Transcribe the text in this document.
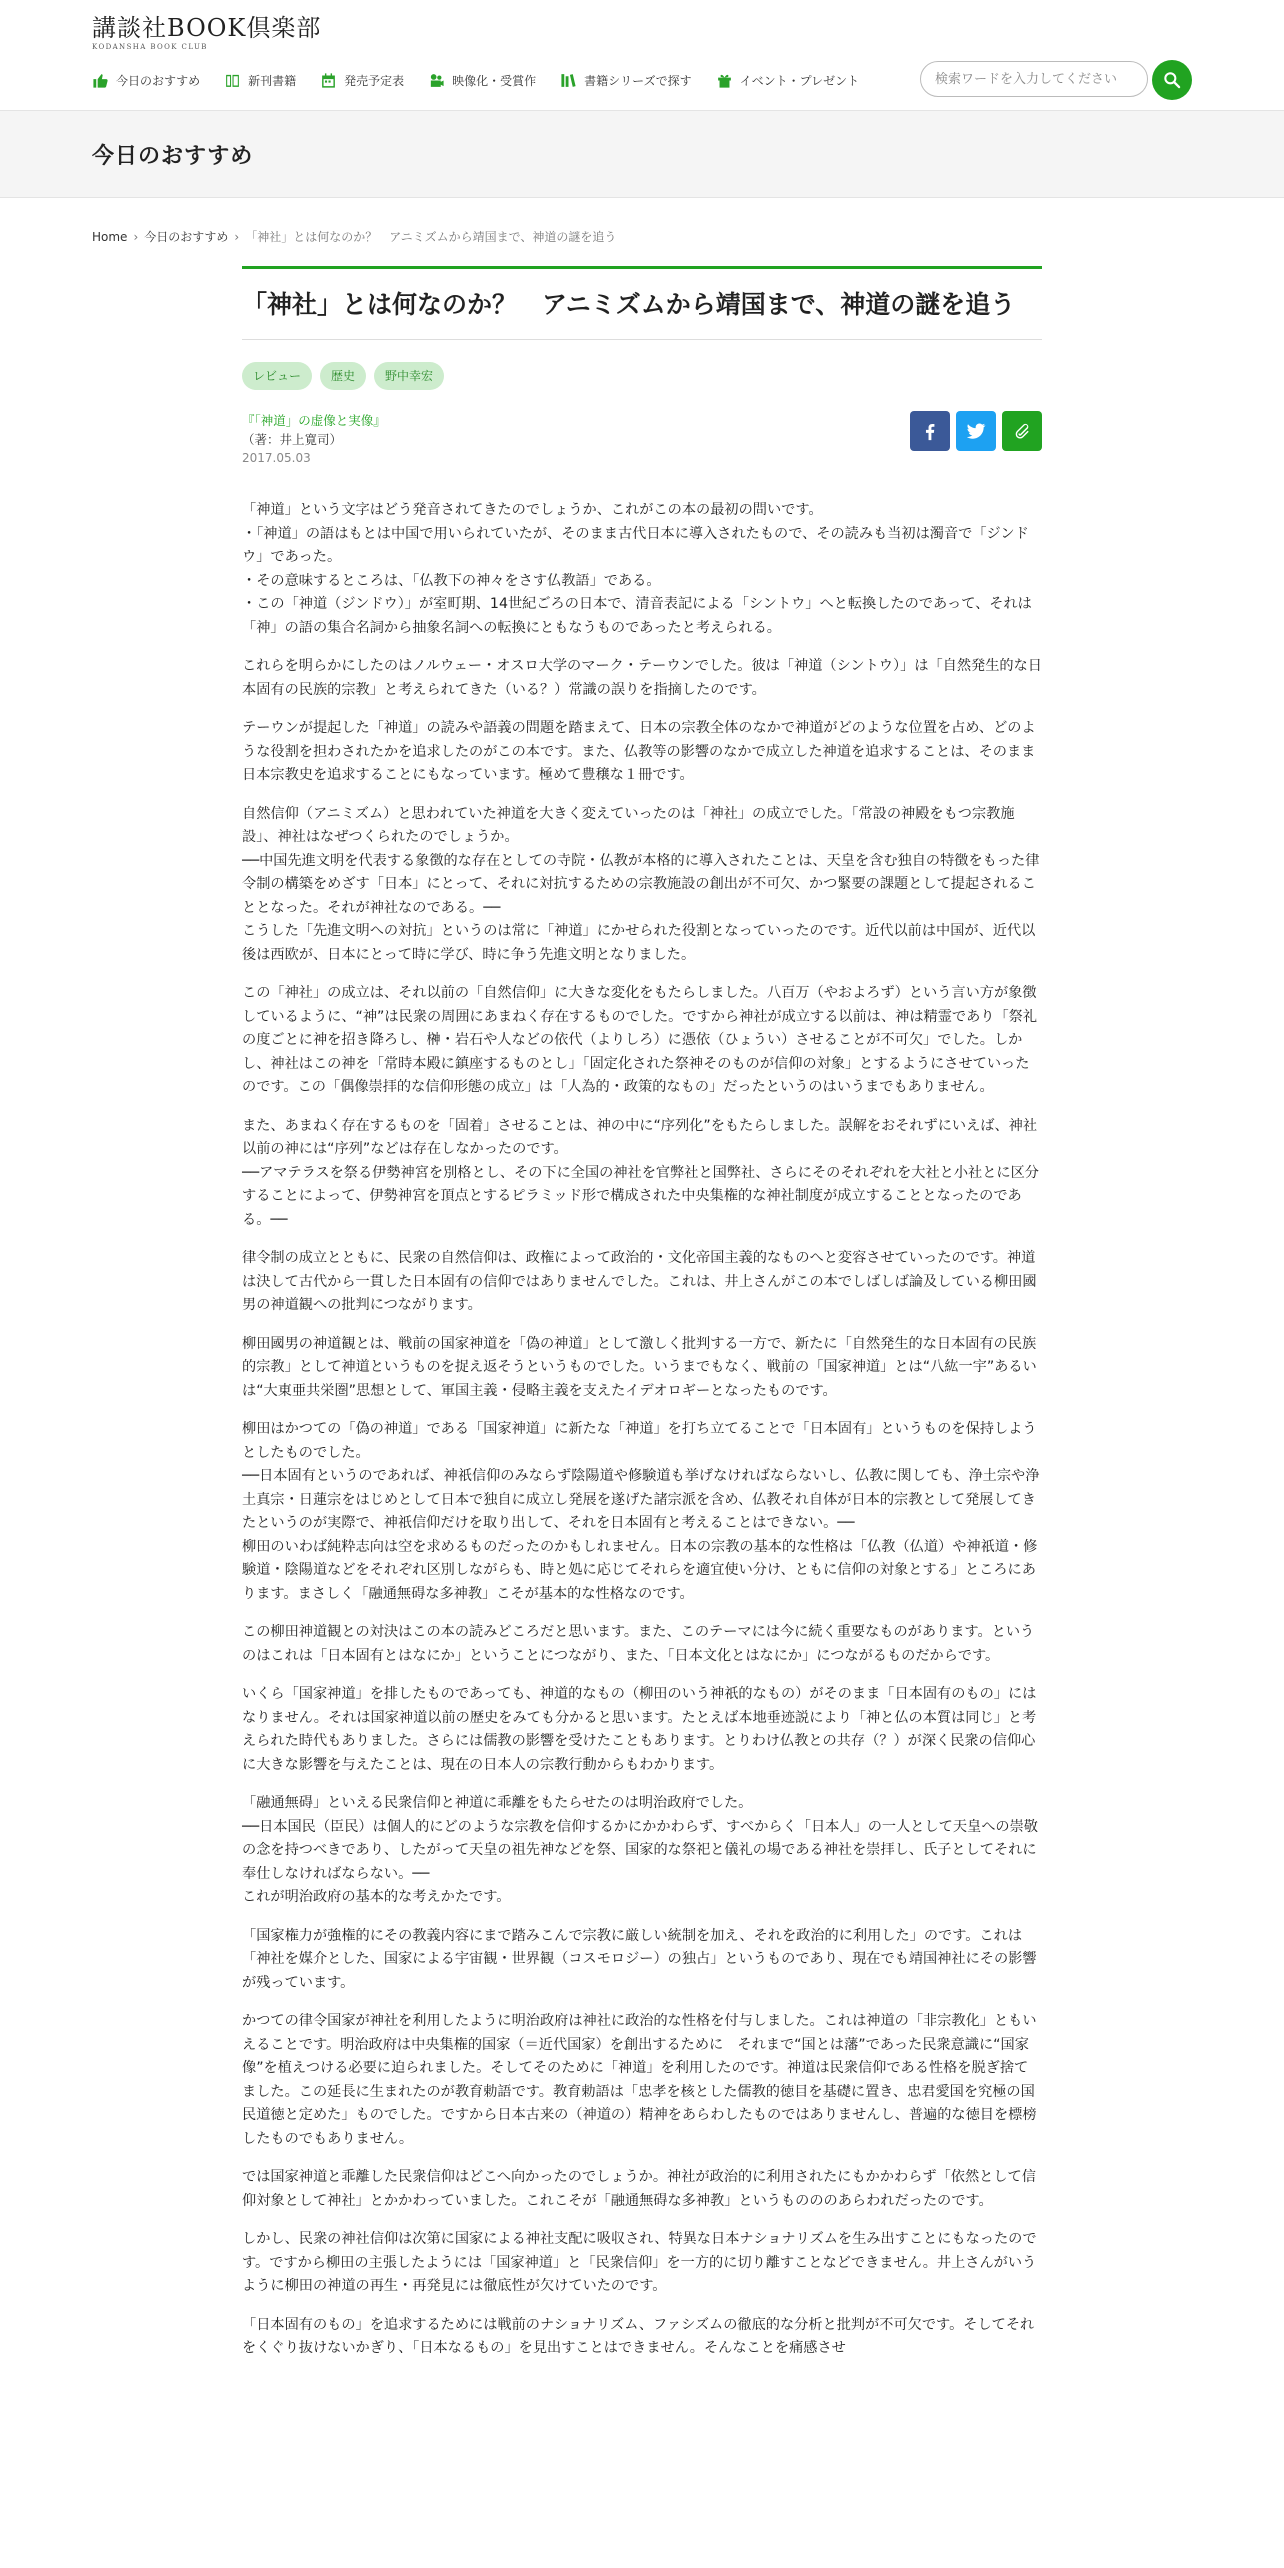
講談社BOOK倶楽部
KODANSHA BOOK CLUB
今日のおすすめ	新刊書籍	発売予定表	映像化・受賞作	書籍シリーズで探す	イベント・プレゼント
検索ワードを入力してください
今日のおすすめ
Home › 今日のおすすめ › 「神社」とは何なのか？　アニミズムから靖国まで、神道の謎を追う
「神社」とは何なのか？　アニミズムから靖国まで、神道の謎を追う
レビュー	歴史	野中幸宏
『「神道」の虚像と実像』
（著：井上寛司）
2017.05.03

「神道」という文字はどう発音されてきたのでしょうか、これがこの本の最初の問いです。
・「神道」の語はもとは中国で用いられていたが、そのまま古代日本に導入されたもので、その読みも当初は濁音で「ジンドウ」であった。
・その意味するところは、「仏教下の神々をさす仏教語」である。
・この「神道（ジンドウ）」が室町期、14世紀ごろの日本で、清音表記による「シントウ」へと転換したのであって、それは「神」の語の集合名詞から抽象名詞への転換にともなうものであったと考えられる。

これらを明らかにしたのはノルウェー・オスロ大学のマーク・テーウンでした。彼は「神道（シントウ）」は「自然発生的な日本固有の民族的宗教」と考えられてきた（いる？）常識の誤りを指摘したのです。

テーウンが提起した「神道」の読みや語義の問題を踏まえて、日本の宗教全体のなかで神道がどのような位置を占め、どのような役割を担わされたかを追求したのがこの本です。また、仏教等の影響のなかで成立した神道を追求することは、そのまま日本宗教史を追求することにもなっています。極めて豊穣な１冊です。

自然信仰（アニミズム）と思われていた神道を大きく変えていったのは「神社」の成立でした。「常設の神殿をもつ宗教施設」、神社はなぜつくられたのでしょうか。
──中国先進文明を代表する象徴的な存在としての寺院・仏教が本格的に導入されたことは、天皇を含む独自の特徴をもった律令制の構築をめざす「日本」にとって、それに対抗するための宗教施設の創出が不可欠、かつ緊要の課題として提起されることとなった。それが神社なのである。──
こうした「先進文明への対抗」というのは常に「神道」にかせられた役割となっていったのです。近代以前は中国が、近代以後は西欧が、日本にとって時に学び、時に争う先進文明となりました。

この「神社」の成立は、それ以前の「自然信仰」に大きな変化をもたらしました。八百万（やおよろず）という言い方が象徴しているように、“神”は民衆の周囲にあまねく存在するものでした。ですから神社が成立する以前は、神は精霊であり「祭礼の度ごとに神を招き降ろし、榊・岩石や人などの依代（よりしろ）に憑依（ひょうい）させることが不可欠」でした。しかし、神社はこの神を「常時本殿に鎮座するものとし」「固定化された祭神そのものが信仰の対象」とするようにさせていったのです。この「偶像崇拝的な信仰形態の成立」は「人為的・政策的なもの」だったというのはいうまでもありません。

また、あまねく存在するものを「固着」させることは、神の中に“序列化”をもたらしました。誤解をおそれずにいえば、神社以前の神には“序列”などは存在しなかったのです。
──アマテラスを祭る伊勢神宮を別格とし、その下に全国の神社を官弊社と国弊社、さらにそのそれぞれを大社と小社とに区分することによって、伊勢神宮を頂点とするピラミッド形で構成された中央集権的な神社制度が成立することとなったのである。──

律令制の成立とともに、民衆の自然信仰は、政権によって政治的・文化帝国主義的なものへと変容させていったのです。神道は決して古代から一貫した日本固有の信仰ではありませんでした。これは、井上さんがこの本でしばしば論及している柳田國男の神道観への批判につながります。

柳田國男の神道観とは、戦前の国家神道を「偽の神道」として激しく批判する一方で、新たに「自然発生的な日本固有の民族的宗教」として神道というものを捉え返そうというものでした。いうまでもなく、戦前の「国家神道」とは“八紘一宇”あるいは“大東亜共栄圏”思想として、軍国主義・侵略主義を支えたイデオロギーとなったものです。

柳田はかつての「偽の神道」である「国家神道」に新たな「神道」を打ち立てることで「日本固有」というものを保持しようとしたものでした。
──日本固有というのであれば、神祇信仰のみならず陰陽道や修験道も挙げなければならないし、仏教に関しても、浄土宗や浄土真宗・日蓮宗をはじめとして日本で独自に成立し発展を遂げた諸宗派を含め、仏教それ自体が日本的宗教として発展してきたというのが実際で、神祇信仰だけを取り出して、それを日本固有と考えることはできない。──
柳田のいわば純粋志向は空を求めるものだったのかもしれません。日本の宗教の基本的な性格は「仏教（仏道）や神祇道・修験道・陰陽道などをそれぞれ区別しながらも、時と処に応じてそれらを適宜使い分け、ともに信仰の対象とする」ところにあります。まさしく「融通無碍な多神教」こそが基本的な性格なのです。

この柳田神道観との対決はこの本の読みどころだと思います。また、このテーマには今に続く重要なものがあります。というのはこれは「日本固有とはなにか」ということにつながり、また、「日本文化とはなにか」につながるものだからです。

いくら「国家神道」を排したものであっても、神道的なもの（柳田のいう神祇的なもの）がそのまま「日本固有のもの」にはなりません。それは国家神道以前の歴史をみても分かると思います。たとえば本地垂迹説により「神と仏の本質は同じ」と考えられた時代もありました。さらには儒教の影響を受けたこともあります。とりわけ仏教との共存（？）が深く民衆の信仰心に大きな影響を与えたことは、現在の日本人の宗教行動からもわかります。

「融通無碍」といえる民衆信仰と神道に乖離をもたらせたのは明治政府でした。
──日本国民（臣民）は個人的にどのような宗教を信仰するかにかかわらず、すべからく「日本人」の一人として天皇への崇敬の念を持つべきであり、したがって天皇の祖先神などを祭、国家的な祭祀と儀礼の場である神社を崇拝し、氏子としてそれに奉仕しなければならない。──
これが明治政府の基本的な考えかたです。

「国家権力が強権的にその教義内容にまで踏みこんで宗教に厳しい統制を加え、それを政治的に利用した」のです。これは「神社を媒介とした、国家による宇宙観・世界観（コスモロジー）の独占」というものであり、現在でも靖国神社にその影響が残っています。

かつての律令国家が神社を利用したように明治政府は神社に政治的な性格を付与しました。これは神道の「非宗教化」ともいえることです。明治政府は中央集権的国家（＝近代国家）を創出するために　それまで“国とは藩”であった民衆意識に“国家像”を植えつける必要に迫られました。そしてそのために「神道」を利用したのです。神道は民衆信仰である性格を脱ぎ捨てました。この延長に生まれたのが教育勅語です。教育勅語は「忠孝を核とした儒教的徳目を基礎に置き、忠君愛国を究極の国民道徳と定めた」ものでした。ですから日本古来の（神道の）精神をあらわしたものではありませんし、普遍的な徳目を標榜したものでもありません。

では国家神道と乖離した民衆信仰はどこへ向かったのでしょうか。神社が政治的に利用されたにもかかわらず「依然として信仰対象として神社」とかかわっていました。これこそが「融通無碍な多神教」というものののあらわれだったのです。

しかし、民衆の神社信仰は次第に国家による神社支配に吸収され、特異な日本ナショナリズムを生み出すことにもなったのです。ですから柳田の主張したようには「国家神道」と「民衆信仰」を一方的に切り離すことなどできません。井上さんがいうように柳田の神道の再生・再発見には徹底性が欠けていたのです。

「日本固有のもの」を追求するためには戦前のナショナリズム、ファシズムの徹底的な分析と批判が不可欠です。そしてそれをくぐり抜けないかぎり、「日本なるもの」を見出すことはできません。そんなことを痛感させ
